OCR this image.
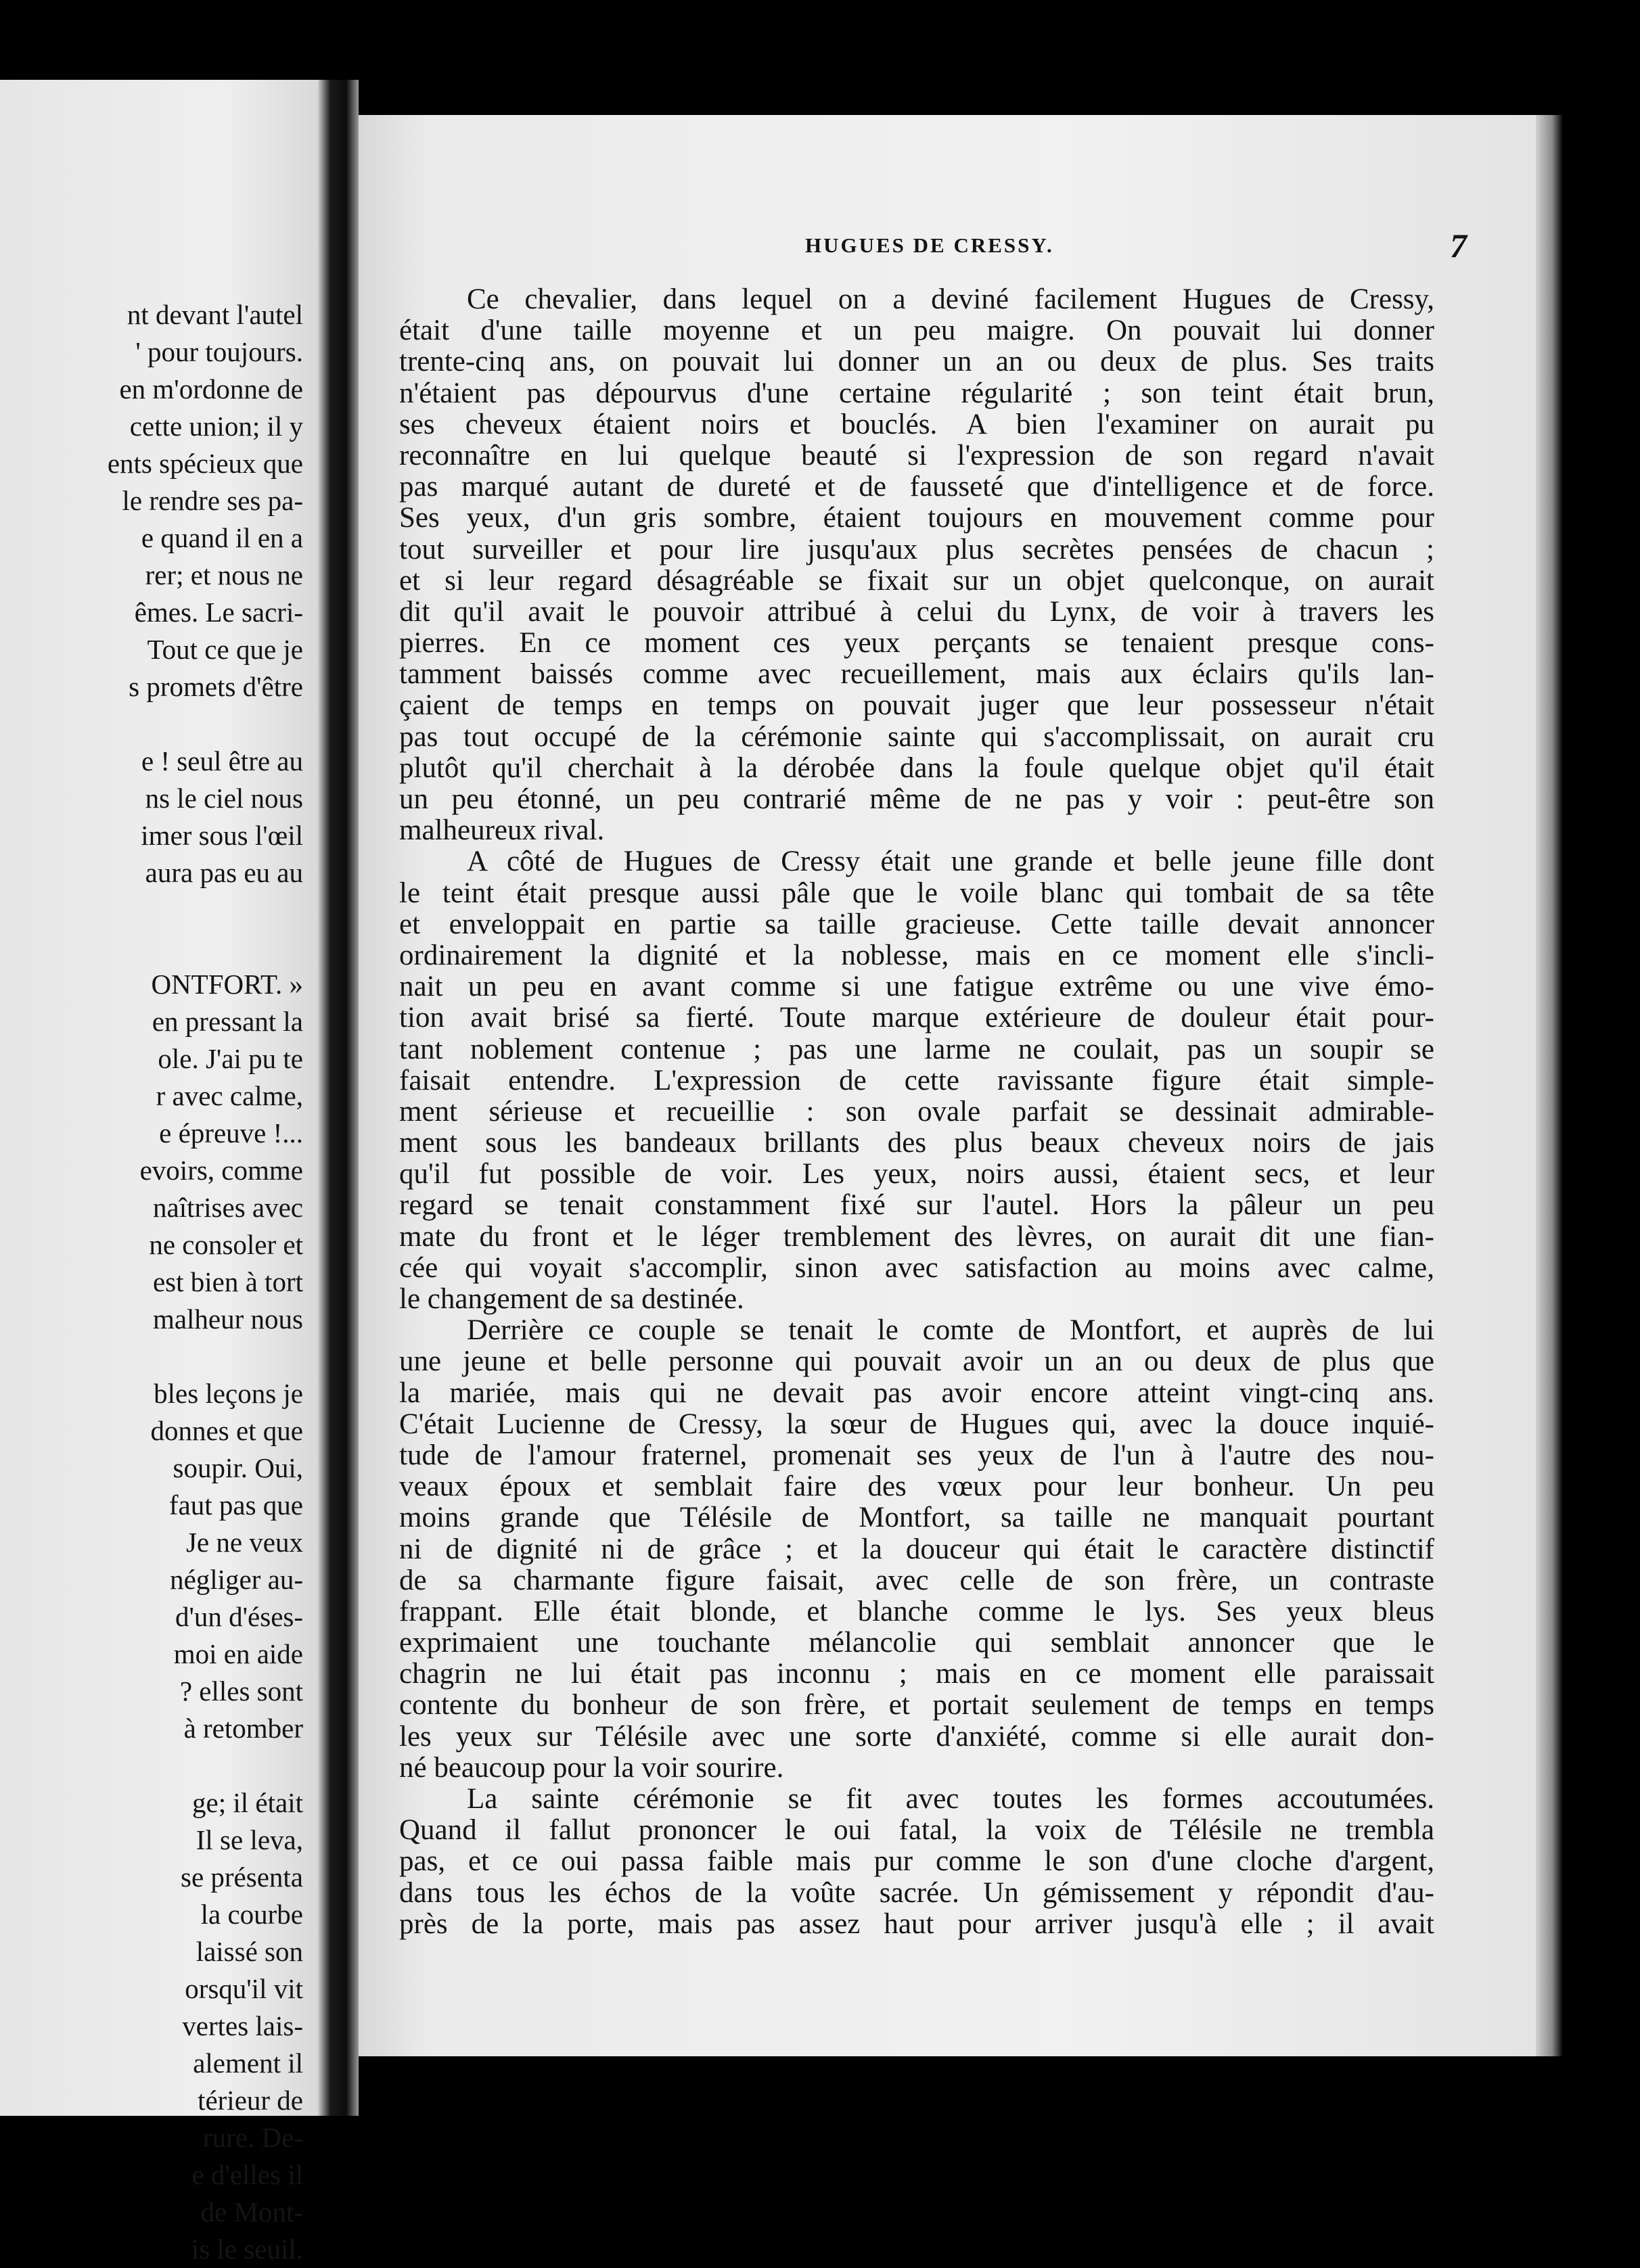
nt devant l'autel
' pour toujours.
en m'ordonne de
cette union; il y
ents spécieux que
le rendre ses pa-
e quand il en a
rer; et nous ne
êmes. Le sacri-
Tout ce que je
s promets d'être
e ! seul être au
ns le ciel nous
imer sous l'œil
aura pas eu au
ONTFORT. »
en pressant la
ole. J'ai pu te
r avec calme,
e épreuve !...
evoirs, comme
naîtrises avec
ne consoler et
est bien à tort
malheur nous
bles leçons je
donnes et que
soupir. Oui,
faut pas que
Je ne veux
négliger au-
d'un d'éses-
moi en aide
? elles sont
à retomber
ge; il était
Il se leva,
se présenta
la courbe
laissé son
orsqu'il vit
vertes lais-
alement il
térieur de
rure. De-
e d'elles il
de Mont-
is le seuil.
HUGUES DE CRESSY.	7
Ce chevalier, dans lequel on a deviné facilement Hugues de Cressy,
était d'une taille moyenne et un peu maigre. On pouvait lui donner
trente-cinq ans, on pouvait lui donner un an ou deux de plus. Ses traits
n'étaient pas dépourvus d'une certaine régularité ; son teint était brun,
ses cheveux étaient noirs et bouclés. A bien l'examiner on aurait pu
reconnaître en lui quelque beauté si l'expression de son regard n'avait
pas marqué autant de dureté et de fausseté que d'intelligence et de force.
Ses yeux, d'un gris sombre, étaient toujours en mouvement comme pour
tout surveiller et pour lire jusqu'aux plus secrètes pensées de chacun ;
et si leur regard désagréable se fixait sur un objet quelconque, on aurait
dit qu'il avait le pouvoir attribué à celui du Lynx, de voir à travers les
pierres. En ce moment ces yeux perçants se tenaient presque cons-
tamment baissés comme avec recueillement, mais aux éclairs qu'ils lan-
çaient de temps en temps on pouvait juger que leur possesseur n'était
pas tout occupé de la cérémonie sainte qui s'accomplissait, on aurait cru
plutôt qu'il cherchait à la dérobée dans la foule quelque objet qu'il était
un peu étonné, un peu contrarié même de ne pas y voir : peut-être son
malheureux rival.
A côté de Hugues de Cressy était une grande et belle jeune fille dont
le teint était presque aussi pâle que le voile blanc qui tombait de sa tête
et enveloppait en partie sa taille gracieuse. Cette taille devait annoncer
ordinairement la dignité et la noblesse, mais en ce moment elle s'incli-
nait un peu en avant comme si une fatigue extrême ou une vive émo-
tion avait brisé sa fierté. Toute marque extérieure de douleur était pour-
tant noblement contenue ; pas une larme ne coulait, pas un soupir se
faisait entendre. L'expression de cette ravissante figure était simple-
ment sérieuse et recueillie : son ovale parfait se dessinait admirable-
ment sous les bandeaux brillants des plus beaux cheveux noirs de jais
qu'il fut possible de voir. Les yeux, noirs aussi, étaient secs, et leur
regard se tenait constamment fixé sur l'autel. Hors la pâleur un peu
mate du front et le léger tremblement des lèvres, on aurait dit une fian-
cée qui voyait s'accomplir, sinon avec satisfaction au moins avec calme,
le changement de sa destinée.
Derrière ce couple se tenait le comte de Montfort, et auprès de lui
une jeune et belle personne qui pouvait avoir un an ou deux de plus que
la mariée, mais qui ne devait pas avoir encore atteint vingt-cinq ans.
C'était Lucienne de Cressy, la sœur de Hugues qui, avec la douce inquié-
tude de l'amour fraternel, promenait ses yeux de l'un à l'autre des nou-
veaux époux et semblait faire des vœux pour leur bonheur. Un peu
moins grande que Télésile de Montfort, sa taille ne manquait pourtant
ni de dignité ni de grâce ; et la douceur qui était le caractère distinctif
de sa charmante figure faisait, avec celle de son frère, un contraste
frappant. Elle était blonde, et blanche comme le lys. Ses yeux bleus
exprimaient une touchante mélancolie qui semblait annoncer que le
chagrin ne lui était pas inconnu ; mais en ce moment elle paraissait
contente du bonheur de son frère, et portait seulement de temps en temps
les yeux sur Télésile avec une sorte d'anxiété, comme si elle aurait don-
né beaucoup pour la voir sourire.
La sainte cérémonie se fit avec toutes les formes accoutumées.
Quand il fallut prononcer le oui fatal, la voix de Télésile ne trembla
pas, et ce oui passa faible mais pur comme le son d'une cloche d'argent,
dans tous les échos de la voûte sacrée. Un gémissement y répondit d'au-
près de la porte, mais pas assez haut pour arriver jusqu'à elle ; il avait
